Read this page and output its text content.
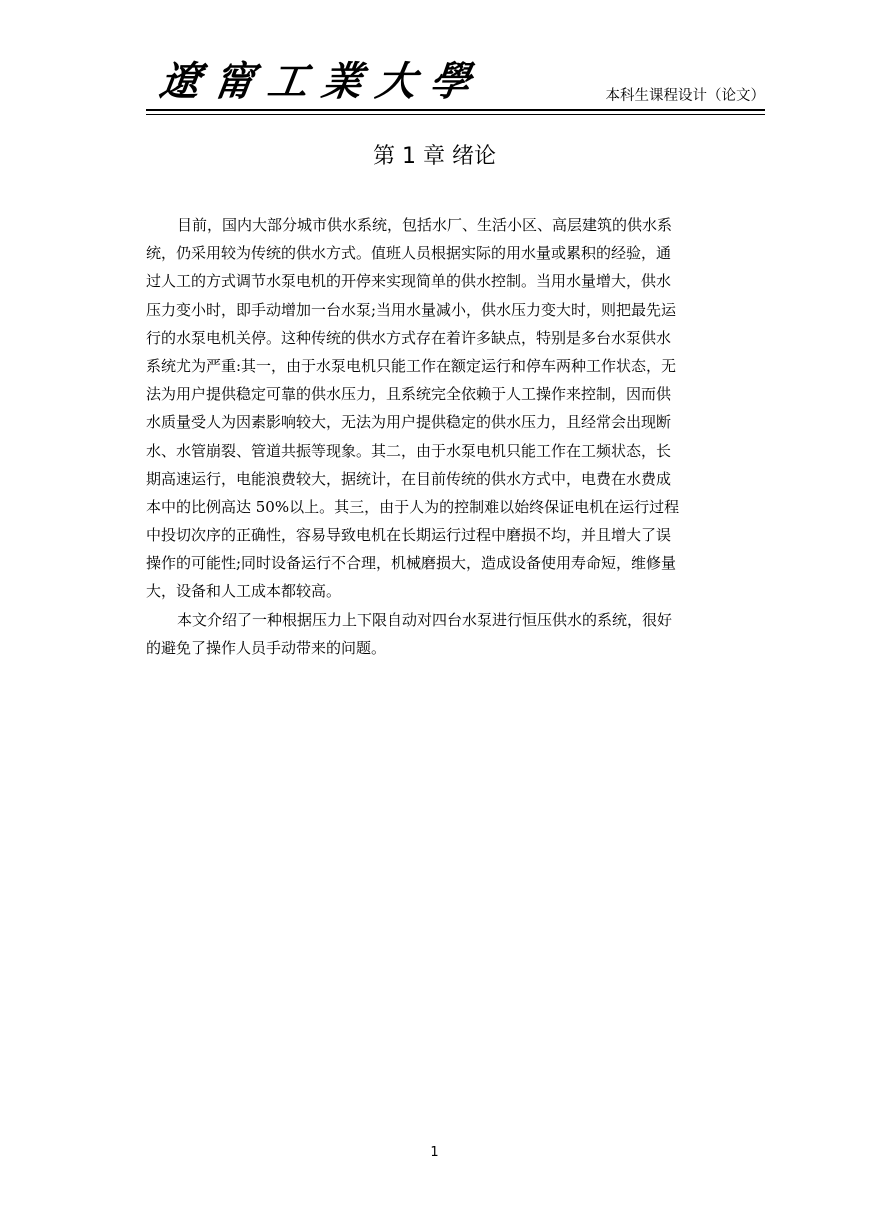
遼甯工業大學	本科生课程设计（论文）
第 1 章 绪论
目前，国内大部分城市供水系统，包括水厂、生活小区、高层建筑的供水系
统，仍采用较为传统的供水方式。值班人员根据实际的用水量或累积的经验，通
过人工的方式调节水泵电机的开停来实现简单的供水控制。当用水量增大，供水
压力变小时，即手动增加一台水泵;当用水量减小，供水压力变大时，则把最先运
行的水泵电机关停。这种传统的供水方式存在着许多缺点，特别是多台水泵供水
系统尤为严重:其一，由于水泵电机只能工作在额定运行和停车两种工作状态，无
法为用户提供稳定可靠的供水压力，且系统完全依赖于人工操作来控制，因而供
水质量受人为因素影响较大，无法为用户提供稳定的供水压力，且经常会出现断
水、水管崩裂、管道共振等现象。其二，由于水泵电机只能工作在工频状态，长
期高速运行，电能浪费较大，据统计，在目前传统的供水方式中，电费在水费成
本中的比例高达 50%以上。其三，由于人为的控制难以始终保证电机在运行过程
中投切次序的正确性，容易导致电机在长期运行过程中磨损不均，并且增大了误
操作的可能性;同时设备运行不合理，机械磨损大，造成设备使用寿命短，维修量
大，设备和人工成本都较高。
本文介绍了一种根据压力上下限自动对四台水泵进行恒压供水的系统，很好
的避免了操作人员手动带来的问题。
1
